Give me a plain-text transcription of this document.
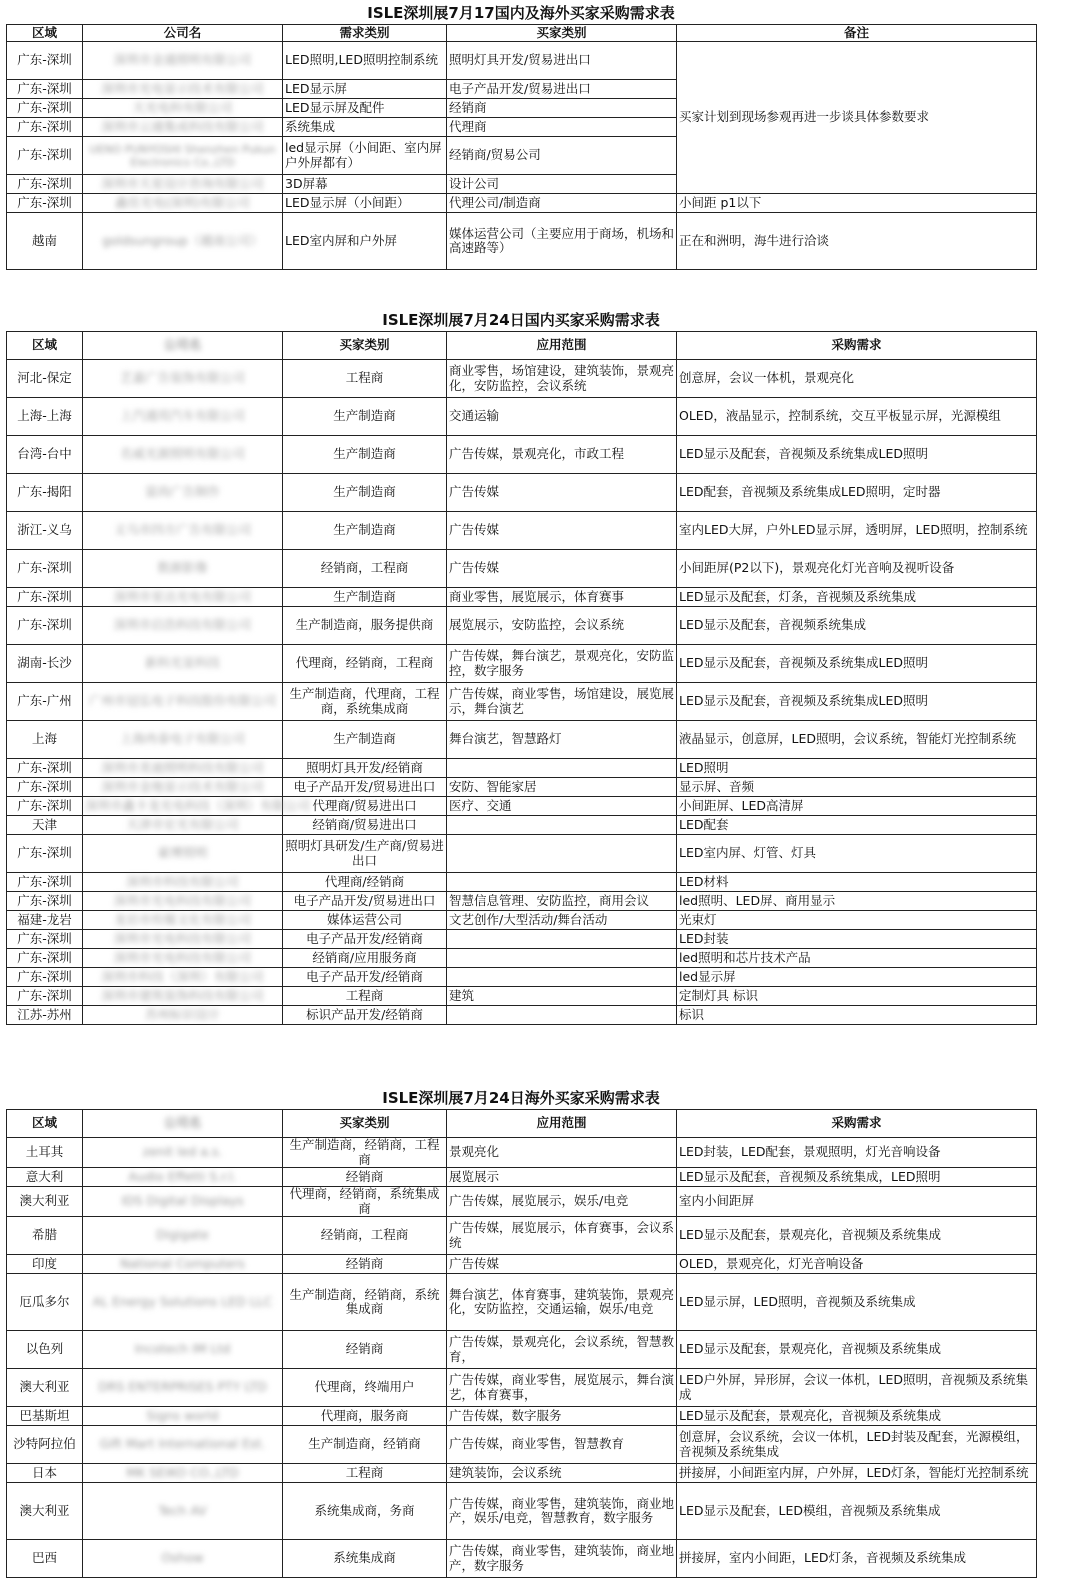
ISLE深圳展7月17国内及海外买家采购需求表
区域	公司名	需求类别	买家类别	备注
广东-深圳	深圳市金通照明有限公司	LED照明,LED照明控制系统	照明灯具开发/贸易进出口	买家计划到现场参观再进一步谈具体参数要求
广东-深圳	深圳市光电显示技术有限公司	LED显示屏	电子产品开发/贸易进出口	
广东-深圳	天光电科有限公司	LED显示屏及配件	经销商	
广东-深圳	深圳市云通集成科技有限公司	系统集成	代理商	
广东-深圳	UENO PUNYOSHI Shenzhen Pukun Electronics Co.,LTD	led显示屏（小间距、室内屏户外屏都有）	经销商/贸易公司	
广东-深圳	深圳市天星设计咨询有限公司	3D屏幕	设计公司	
广东-深圳	鑫佳光电(深圳)有限公司	LED显示屏（小间距）	代理公司/制造商	小间距 p1以下
越南	goldsungroup（越南公司）	LED室内屏和户外屏	媒体运营公司（主要应用于商场，机场和高速路等）	正在和洲明，海牛进行洽谈
ISLE深圳展7月24日国内买家采购需求表
区域	公司名	买家类别	应用范围	采购需求
河北-保定	艺嘉广告装饰有限公司	工程商	商业零售，场馆建设，建筑装饰，景观亮化，安防监控，会议系统	创意屏，会议一体机，景观亮化
上海-上海	上汽通用汽车有限公司	生产制造商	交通运输	OLED，液晶显示，控制系统，交互平板显示屏，光源模组
台湾-台中	名威光源照明有限公司	生产制造商	广告传媒，景观亮化，市政工程	LED显示及配套，音视频及系统集成LED照明
广东-揭阳	富尚广告制作	生产制造商	广告传媒	LED配套，音视频及系统集成LED照明，定时器
浙江-义乌	义乌市四方广告有限公司	生产制造商	广告传媒	室内LED大屏，户外LED显示屏，透明屏，LED照明，控制系统
广东-深圳	数源影像	经销商，工程商	广告传媒	小间距屏(P2以下)，景观亮化灯光音响及视听设备
广东-深圳	深圳市星达光电有限公司	生产制造商	商业零售，展览展示，体育赛事	LED显示及配套，灯条，音视频及系统集成
广东-深圳	深圳市启浩科技有限公司	生产制造商，服务提供商	展览展示，安防监控，会议系统	LED显示及配套，音视频系统集成
湖南-长沙	新科光显科技	代理商，经销商，工程商	广告传媒，舞台演艺，景观亮化，安防监控，数字服务	LED显示及配套，音视频及系统集成LED照明
广东-广州	广州市冠弘电子科技股份有限公司	生产制造商，代理商，工程商，系统集成商	广告传媒，商业零售，场馆建设，展览展示，舞台演艺	LED显示及配套，音视频及系统集成LED照明
上海	上海冉泰电子有限公司	生产制造商	舞台演艺，智慧路灯	液晶显示，创意屏，LED照明，会议系统，智能灯光控制系统
广东-深圳	深圳市美迪照明科技有限公司	照明灯具开发/经销商		LED照明
广东-深圳	深圳市金地显示技术有限公司	电子产品开发/贸易进出口	安防、智能家居	显示屏、音频
广东-深圳	深圳市鑫卡龙光电科技（深圳）有限公司	代理商/贸易进出口	医疗、交通	小间距屏、LED高清屏
天津	天津市宏光有限公司	经销商/贸易进出口		LED配套
广东-深圳	豪博照明	照明灯具研发/生产商/贸易进出口		LED室内屏、灯管、灯具
广东-深圳	深圳市科技有限公司	代理商/经销商		LED材料
广东-深圳	深圳市光电科技有限公司	电子产品开发/贸易进出口	智慧信息管理、安防监控，商用会议	led照明、LED屏、商用显示
福建-龙岩	龙岩市传媒文化有限公司	媒体运营公司	文艺创作/大型活动/舞台活动	光束灯
广东-深圳	深圳市光电科技有限公司	电子产品开发/经销商		LED封装
广东-深圳	深圳市光电科技有限公司	经销商/应用服务商		led照明和芯片技术产品
广东-深圳	深圳市科技（深圳）有限公司	电子产品开发/经销商		led显示屏
广东-深圳	深圳市建筑装饰科技有限公司	工程商	建筑	定制灯具 标识
江苏-苏州	苏州标识设计	标识产品开发/经销商		标识
ISLE深圳展7月24日海外买家采购需求表
区域	公司名	买家类别	应用范围	采购需求
土耳其	zenit led a.s.	生产制造商，经销商，工程商	景观亮化	LED封装，LED配套，景观照明，灯光音响设备
意大利	Audio Effetti S.r.l.	经销商	展览展示	LED显示及配套，音视频及系统集成，LED照明
澳大利亚	IDS Digital Displays	代理商，经销商，系统集成商	广告传媒，展览展示，娱乐/电竞	室内小间距屏
希腊	Digigate	经销商，工程商	广告传媒，展览展示，体育赛事，会议系统	LED显示及配套，景观亮化，音视频及系统集成
印度	National Computers	经销商	广告传媒	OLED，景观亮化，灯光音响设备
厄瓜多尔	AL Energy Solutions LED LLC	生产制造商，经销商，系统集成商	舞台演艺，体育赛事，建筑装饰，景观亮化，安防监控，交通运输，娱乐/电竞	LED显示屏，LED照明，音视频及系统集成
以色列	Incotech IM Ltd	经销商	广告传媒，景观亮化，会议系统，智慧教育，	LED显示及配套，景观亮化，音视频及系统集成
澳大利亚	DRS ENTERPRISES PTY LTD	代理商，终端用户	广告传媒，商业零售，展览展示，舞台演艺，体育赛事，	LED户外屏，异形屏，会议一体机，LED照明，音视频及系统集成
巴基斯坦	Signs world	代理商，服务商	广告传媒，数字服务	LED显示及配套，景观亮化，音视频及系统集成
沙特阿拉伯	Gift Mart International Est.	生产制造商，经销商	广告传媒，商业零售，智慧教育	创意屏，会议系统，会议一体机，LED封装及配套，光源模组，音视频及系统集成
日本	MK SEIKO CO.,LTD	工程商	建筑装饰，会议系统	拼接屏，小间距室内屏，户外屏，LED灯条，智能灯光控制系统
澳大利亚	Tech AV	系统集成商，务商	广告传媒，商业零售，建筑装饰，商业地产，娱乐/电竞，智慧教育，数字服务	LED显示及配套，LED模组，音视频及系统集成
巴西	Oshow	系统集成商	广告传媒，商业零售，建筑装饰，商业地产，数字服务	拼接屏，室内小间距，LED灯条，音视频及系统集成
